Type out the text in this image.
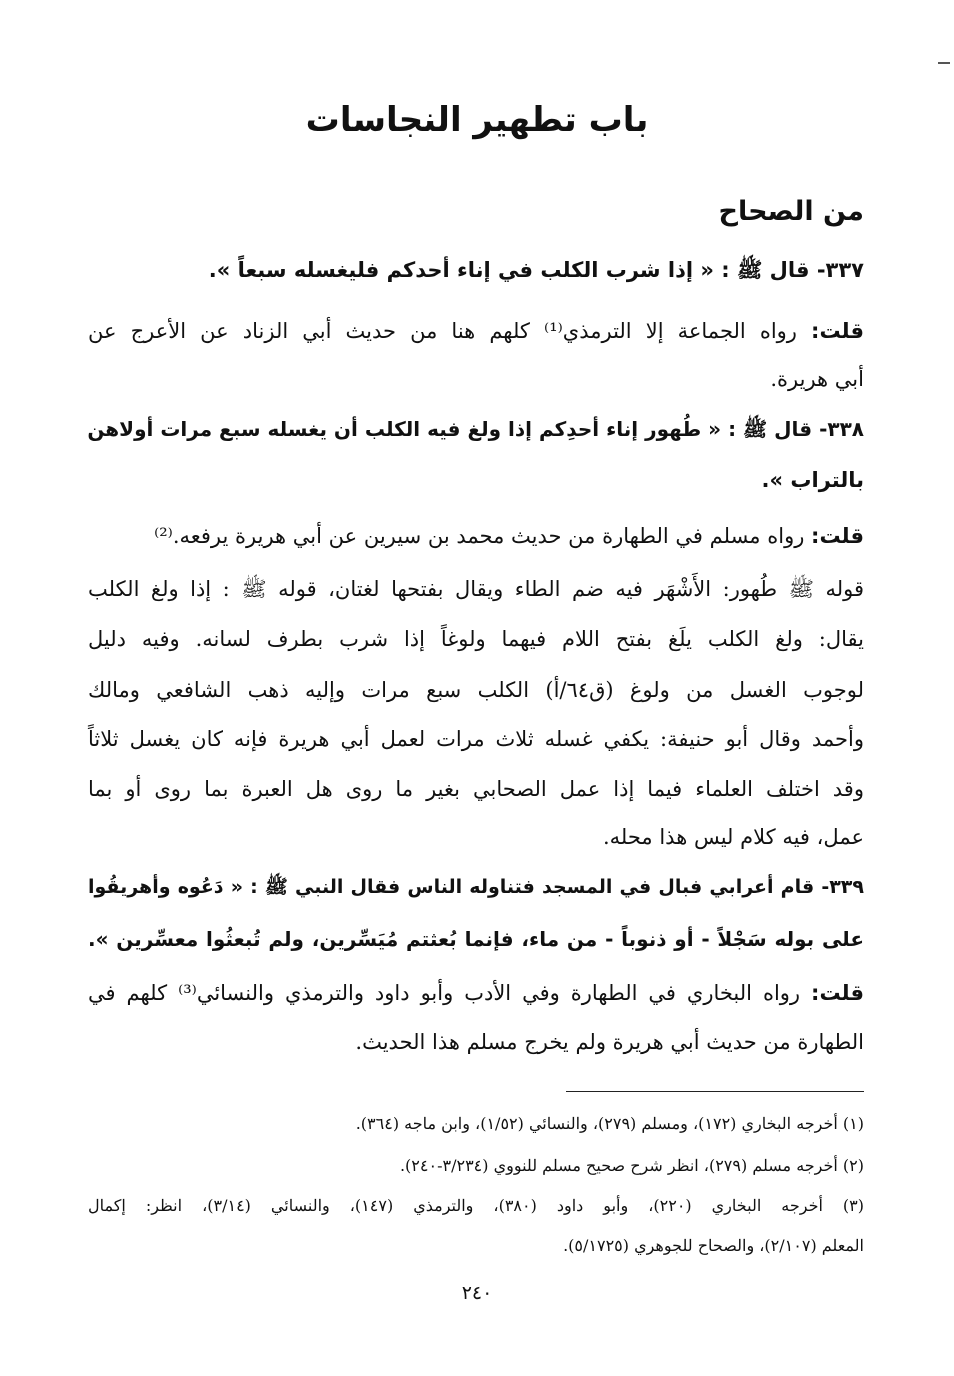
باب تطهير النجاسات
من الصحاح
٣٣٧- قال ﷺ : « إذا شرب الكلب في إناء أحدكم فليغسله سبعاً ».
قلت: رواه الجماعة إلا الترمذي⁽¹⁾ كلهم هنا من حديث أبي الزناد عن الأعرج عن
أبي هريرة.
٣٣٨- قال ﷺ : « طُهور إناء أحدِكم إذا ولغ فيه الكلب أن يغسله سبع مرات أولاهن
بالتراب ».
قلت: رواه مسلم في الطهارة من حديث محمد بن سيرين عن أبي هريرة يرفعه.⁽²⁾
قوله ﷺ طُهور: الأَشْهَر فيه ضم الطاء ويقال بفتحها لغتان، قوله ﷺ : إذا ولغ الكلب
يقال: ولغ الكلب يلَغ بفتح اللام فيهما ولوغاً إذا شرب بطرف لسانه. وفيه دليل
لوجوب الغسل من ولوغ (ق٦٤/أ) الكلب سبع مرات وإليه ذهب الشافعي ومالك
وأحمد وقال أبو حنيفة: يكفي غسله ثلاث مرات لعمل أبي هريرة فإنه كان يغسل ثلاثاً
وقد اختلف العلماء فيما إذا عمل الصحابي بغير ما روى هل العبرة بما روى أو بما
عمل، فيه كلام ليس هذا محله.
٣٣٩- قام أعرابي فبال في المسجد فتناوله الناس فقال النبي ﷺ : « دَعُوه وأهريقُوا
على بوله سَجْلاً - أو ذنوباً - من ماء، فإنما بُعثتم مُيَسِّرين، ولم تُبعثُوا معسِّرين ».
قلت: رواه البخاري في الطهارة وفي الأدب وأبو داود والترمذي والنسائي⁽³⁾ كلهم في
الطهارة من حديث أبي هريرة ولم يخرج مسلم هذا الحديث.
(١) أخرجه البخاري (١٧٢)، ومسلم (٢٧٩)، والنسائي (١/٥٢)، وابن ماجه (٣٦٤).
(٢) أخرجه مسلم (٢٧٩)، انظر شرح صحيح مسلم للنووي (٣/٢٣٤-٢٤٠).
(٣) أخرجه البخاري (٢٢٠)، وأبو داود (٣٨٠)، والترمذي (١٤٧)، والنسائي (٣/١٤)، انظر: إكمال
المعلم (٢/١٠٧)، والصحاح للجوهري (٥/١٧٢٥).
٢٤٠
